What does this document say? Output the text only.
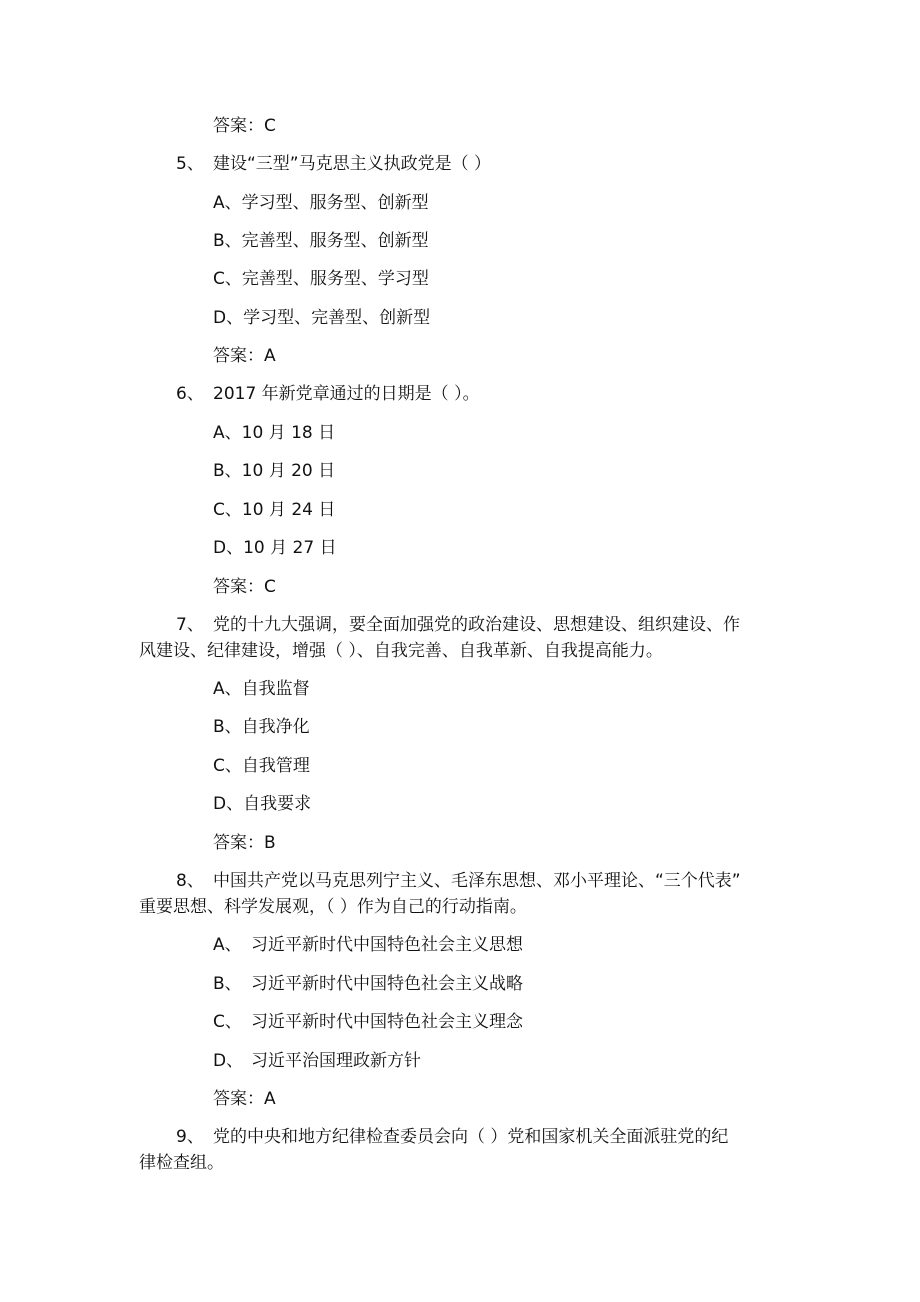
答案：C
5、 建设“三型”马克思主义执政党是（ ）
A、学习型、服务型、创新型
B、完善型、服务型、创新型
C、完善型、服务型、学习型
D、学习型、完善型、创新型
答案：A
6、 2017 年新党章通过的日期是（ ）。
A、10 月 18 日
B、10 月 20 日
C、10 月 24 日
D、10 月 27 日
答案：C
7、 党的十九大强调，要全面加强党的政治建设、思想建设、组织建设、作
风建设、纪律建设，增强（ ）、自我完善、自我革新、自我提高能力。
A、自我监督
B、自我净化
C、自我管理
D、自我要求
答案：B
8、 中国共产党以马克思列宁主义、毛泽东思想、邓小平理论、“三个代表”
重要思想、科学发展观，（ ）作为自己的行动指南。
A、 习近平新时代中国特色社会主义思想
B、 习近平新时代中国特色社会主义战略
C、 习近平新时代中国特色社会主义理念
D、 习近平治国理政新方针
答案：A
9、 党的中央和地方纪律检查委员会向（ ）党和国家机关全面派驻党的纪
律检查组。
